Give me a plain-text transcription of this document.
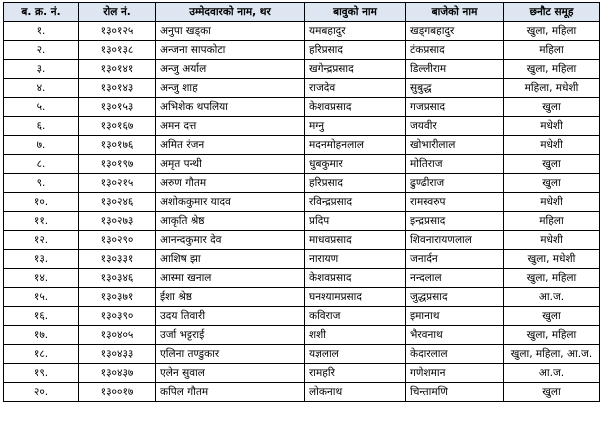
ब. क्र. नं.	रोल नं.	उम्मेदवारको नाम, थर	बावुको नाम	बाजेको नाम	छनौट समूह
१.	१३०१२५	अनुपा खड्का	यमबहादुर	खड्गबहादुर	खुला, महिला
२.	१३०१३८	अन्जना सापकोटा	हरिप्रसाद	टंकप्रसाद	महिला
३.	१३०१४१	अन्जु अर्याल	खगेन्द्रप्रसाद	डिल्लीराम	खुला, महिला
४.	१३०१४३	अन्जु शाह	राजदेव	सुबुद्ध	महिला, मधेशी
५.	१३०१५३	अभिशेक थपलिया	केशवप्रसाद	गजप्रसाद	खुला
६.	१३०१६७	अमन दत्त	मग्नु	जयवीर	मधेशी
७.	१३०१७६	अमित रंजन	मदनमोहनलाल	खोभारीलाल	मधेशी
८.	१३०१९७	अमृत पन्थी	धुबकुमार	मोतिराज	खुला
९.	१३०२१५	अरुण गौतम	हरिप्रसाद	ढुण्ढीराज	खुला
१०.	१३०२४६	अशोककुमार यादव	रविन्द्रप्रसाद	रामस्वरुप	मधेशी
११.	१३०२७३	आकृति श्रेष्ठ	प्रदिप	इन्द्रप्रसाद	महिला
१२.	१३०२९०	आनन्दकुमार देव	माधवप्रसाद	शिवनारायणलाल	मधेशी
१३.	१३०३३१	आशिष झा	नारायण	जनार्दन	खुला, मधेशी
१४.	१३०३४६	आस्मा खनाल	केशवप्रसाद	नन्दलाल	खुला, महिला
१५.	१३०३७१	ईशा श्रेष्ठ	घनश्यामप्रसाद	जुद्धप्रसाद	आ.ज.
१६.	१३०३९०	उदय तिवारी	कविराज	इमानाथ	खुला
१७.	१३०४०५	उर्जा भट्टराई	शशी	भैरवनाथ	खुला, महिला
१८.	१३०४३३	एलिना तण्डुकार	यज्ञलाल	केदारलाल	खुला, महिला, आ.ज.
१९.	१३०४३७	एलेन सुवाल	रामहरि	गणेशमान	आ.ज.
२०.	१३००१७	कपिल गौतम	लोकनाथ	चिन्तामणि	खुला
